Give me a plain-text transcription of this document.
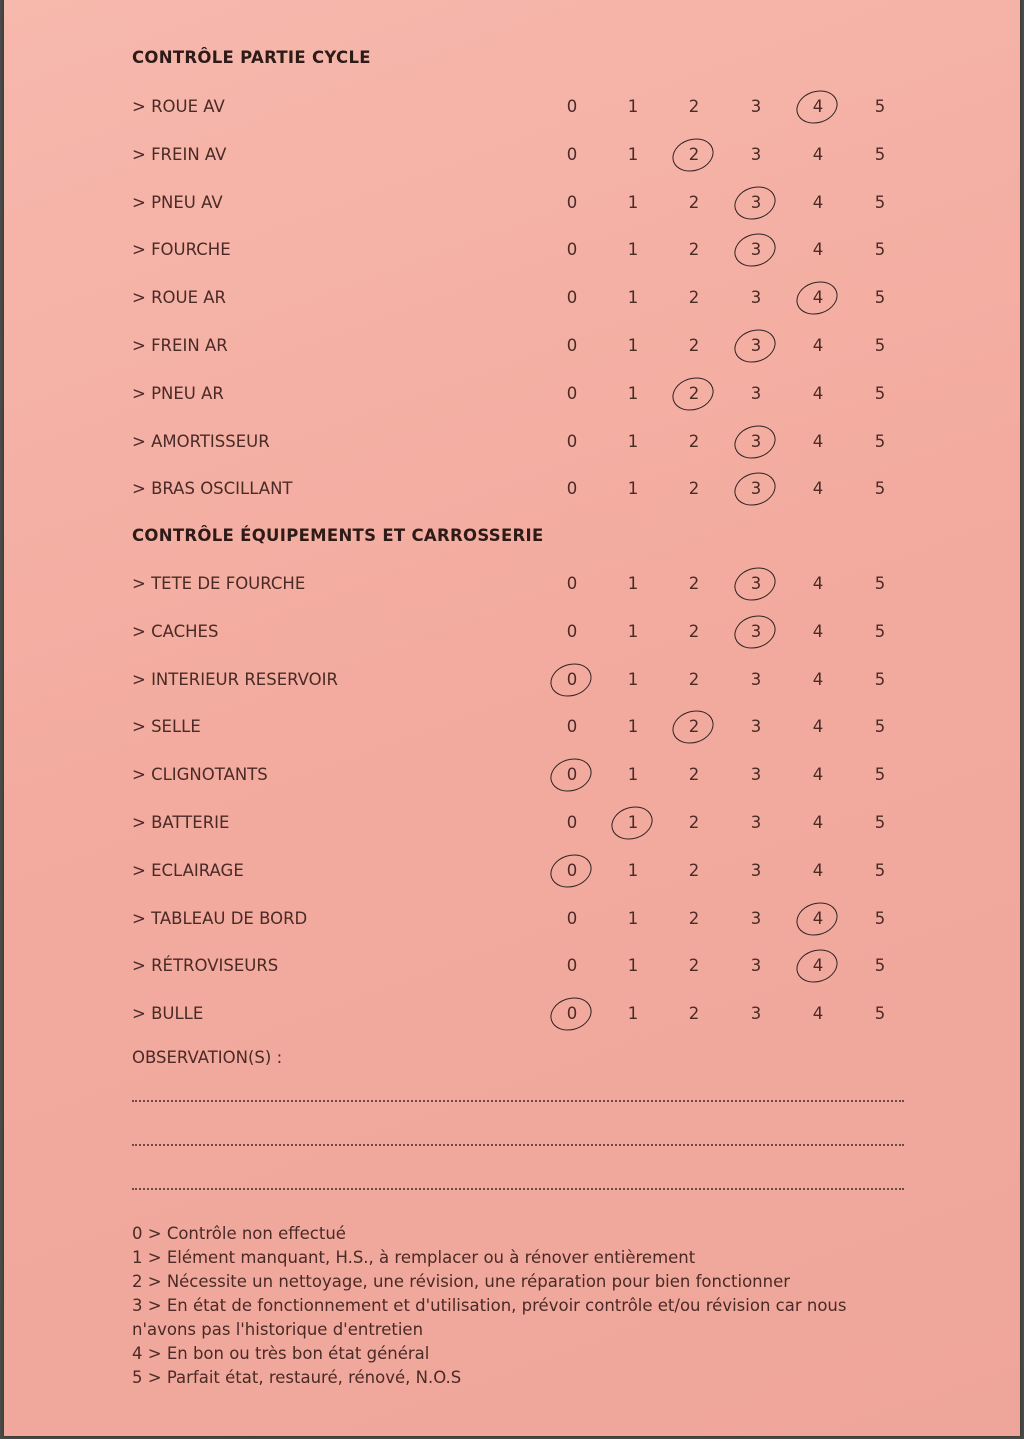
CONTRÔLE PARTIE CYCLE
> ROUE AV	0	1	2	3	4	5
> FREIN AV	0	1	2	3	4	5
> PNEU AV	0	1	2	3	4	5
> FOURCHE	0	1	2	3	4	5
> ROUE AR	0	1	2	3	4	5
> FREIN AR	0	1	2	3	4	5
> PNEU AR	0	1	2	3	4	5
> AMORTISSEUR	0	1	2	3	4	5
> BRAS OSCILLANT	0	1	2	3	4	5
CONTRÔLE ÉQUIPEMENTS ET CARROSSERIE
> TETE DE FOURCHE	0	1	2	3	4	5
> CACHES	0	1	2	3	4	5
> INTERIEUR RESERVOIR	0	1	2	3	4	5
> SELLE	0	1	2	3	4	5
> CLIGNOTANTS	0	1	2	3	4	5
> BATTERIE	0	1	2	3	4	5
> ECLAIRAGE	0	1	2	3	4	5
> TABLEAU DE BORD	0	1	2	3	4	5
> RÉTROVISEURS	0	1	2	3	4	5
> BULLE	0	1	2	3	4	5

OBSERVATION(S) :

0 > Contrôle non effectué
1 > Elément manquant, H.S., à remplacer ou à rénover entièrement
2 > Nécessite un nettoyage, une révision, une réparation pour bien fonctionner
3 > En état de fonctionnement et d'utilisation, prévoir contrôle et/ou révision car nous n'avons pas l'historique d'entretien
4 > En bon ou très bon état général
5 > Parfait état, restauré, rénové, N.O.S
